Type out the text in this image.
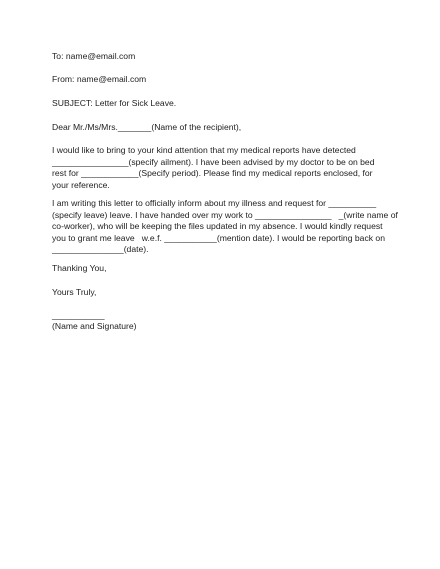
To: name@email.com
From: name@email.com
SUBJECT: Letter for Sick Leave.
Dear Mr./Ms/Mrs._______(Name of the recipient),
I would like to bring to your kind attention that my medical reports have detected
________________(specify ailment). I have been advised by my doctor to be on bed
rest for ____________(Specify period). Please find my medical reports enclosed, for
your reference.
I am writing this letter to officially inform about my illness and request for __________
(specify leave) leave. I have handed over my work to ________________   _(write name of
co-worker), who will be keeping the files updated in my absence. I would kindly request
you to grant me leave   w.e.f. ___________(mention date). I would be reporting back on
_______________(date).
Thanking You,
Yours Truly,
___________
(Name and Signature)
